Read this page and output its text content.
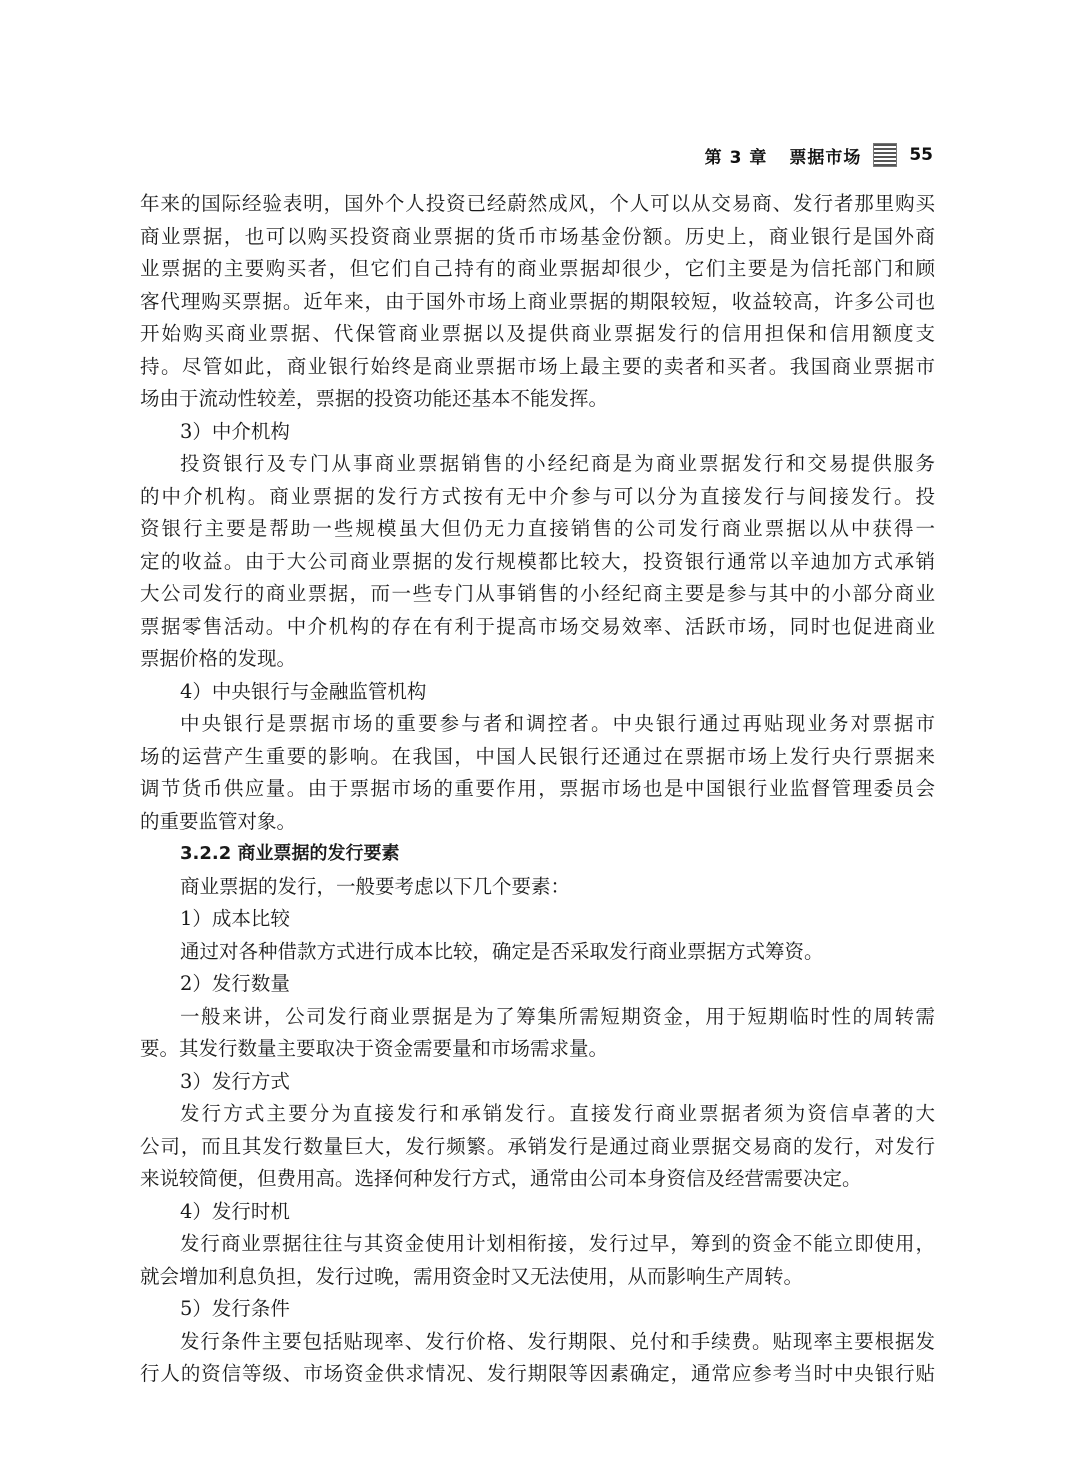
第 3 章 票据市场	55
年来的国际经验表明，国外个人投资已经蔚然成风，个人可以从交易商、发行者那里购买
商业票据，也可以购买投资商业票据的货币市场基金份额。历史上，商业银行是国外商
业票据的主要购买者，但它们自己持有的商业票据却很少，它们主要是为信托部门和顾
客代理购买票据。近年来，由于国外市场上商业票据的期限较短，收益较高，许多公司也
开始购买商业票据、代保管商业票据以及提供商业票据发行的信用担保和信用额度支
持。尽管如此，商业银行始终是商业票据市场上最主要的卖者和买者。我国商业票据市
场由于流动性较差，票据的投资功能还基本不能发挥。
3）中介机构
投资银行及专门从事商业票据销售的小经纪商是为商业票据发行和交易提供服务
的中介机构。商业票据的发行方式按有无中介参与可以分为直接发行与间接发行。投
资银行主要是帮助一些规模虽大但仍无力直接销售的公司发行商业票据以从中获得一
定的收益。由于大公司商业票据的发行规模都比较大，投资银行通常以辛迪加方式承销
大公司发行的商业票据，而一些专门从事销售的小经纪商主要是参与其中的小部分商业
票据零售活动。中介机构的存在有利于提高市场交易效率、活跃市场，同时也促进商业
票据价格的发现。
4）中央银行与金融监管机构
中央银行是票据市场的重要参与者和调控者。中央银行通过再贴现业务对票据市
场的运营产生重要的影响。在我国，中国人民银行还通过在票据市场上发行央行票据来
调节货币供应量。由于票据市场的重要作用，票据市场也是中国银行业监督管理委员会
的重要监管对象。
3.2.2 商业票据的发行要素
商业票据的发行，一般要考虑以下几个要素：
1）成本比较
通过对各种借款方式进行成本比较，确定是否采取发行商业票据方式筹资。
2）发行数量
一般来讲，公司发行商业票据是为了筹集所需短期资金，用于短期临时性的周转需
要。其发行数量主要取决于资金需要量和市场需求量。
3）发行方式
发行方式主要分为直接发行和承销发行。直接发行商业票据者须为资信卓著的大
公司，而且其发行数量巨大，发行频繁。承销发行是通过商业票据交易商的发行，对发行
来说较简便，但费用高。选择何种发行方式，通常由公司本身资信及经营需要决定。
4）发行时机
发行商业票据往往与其资金使用计划相衔接，发行过早，筹到的资金不能立即使用，
就会增加利息负担，发行过晚，需用资金时又无法使用，从而影响生产周转。
5）发行条件
发行条件主要包括贴现率、发行价格、发行期限、兑付和手续费。贴现率主要根据发
行人的资信等级、市场资金供求情况、发行期限等因素确定，通常应参考当时中央银行贴
